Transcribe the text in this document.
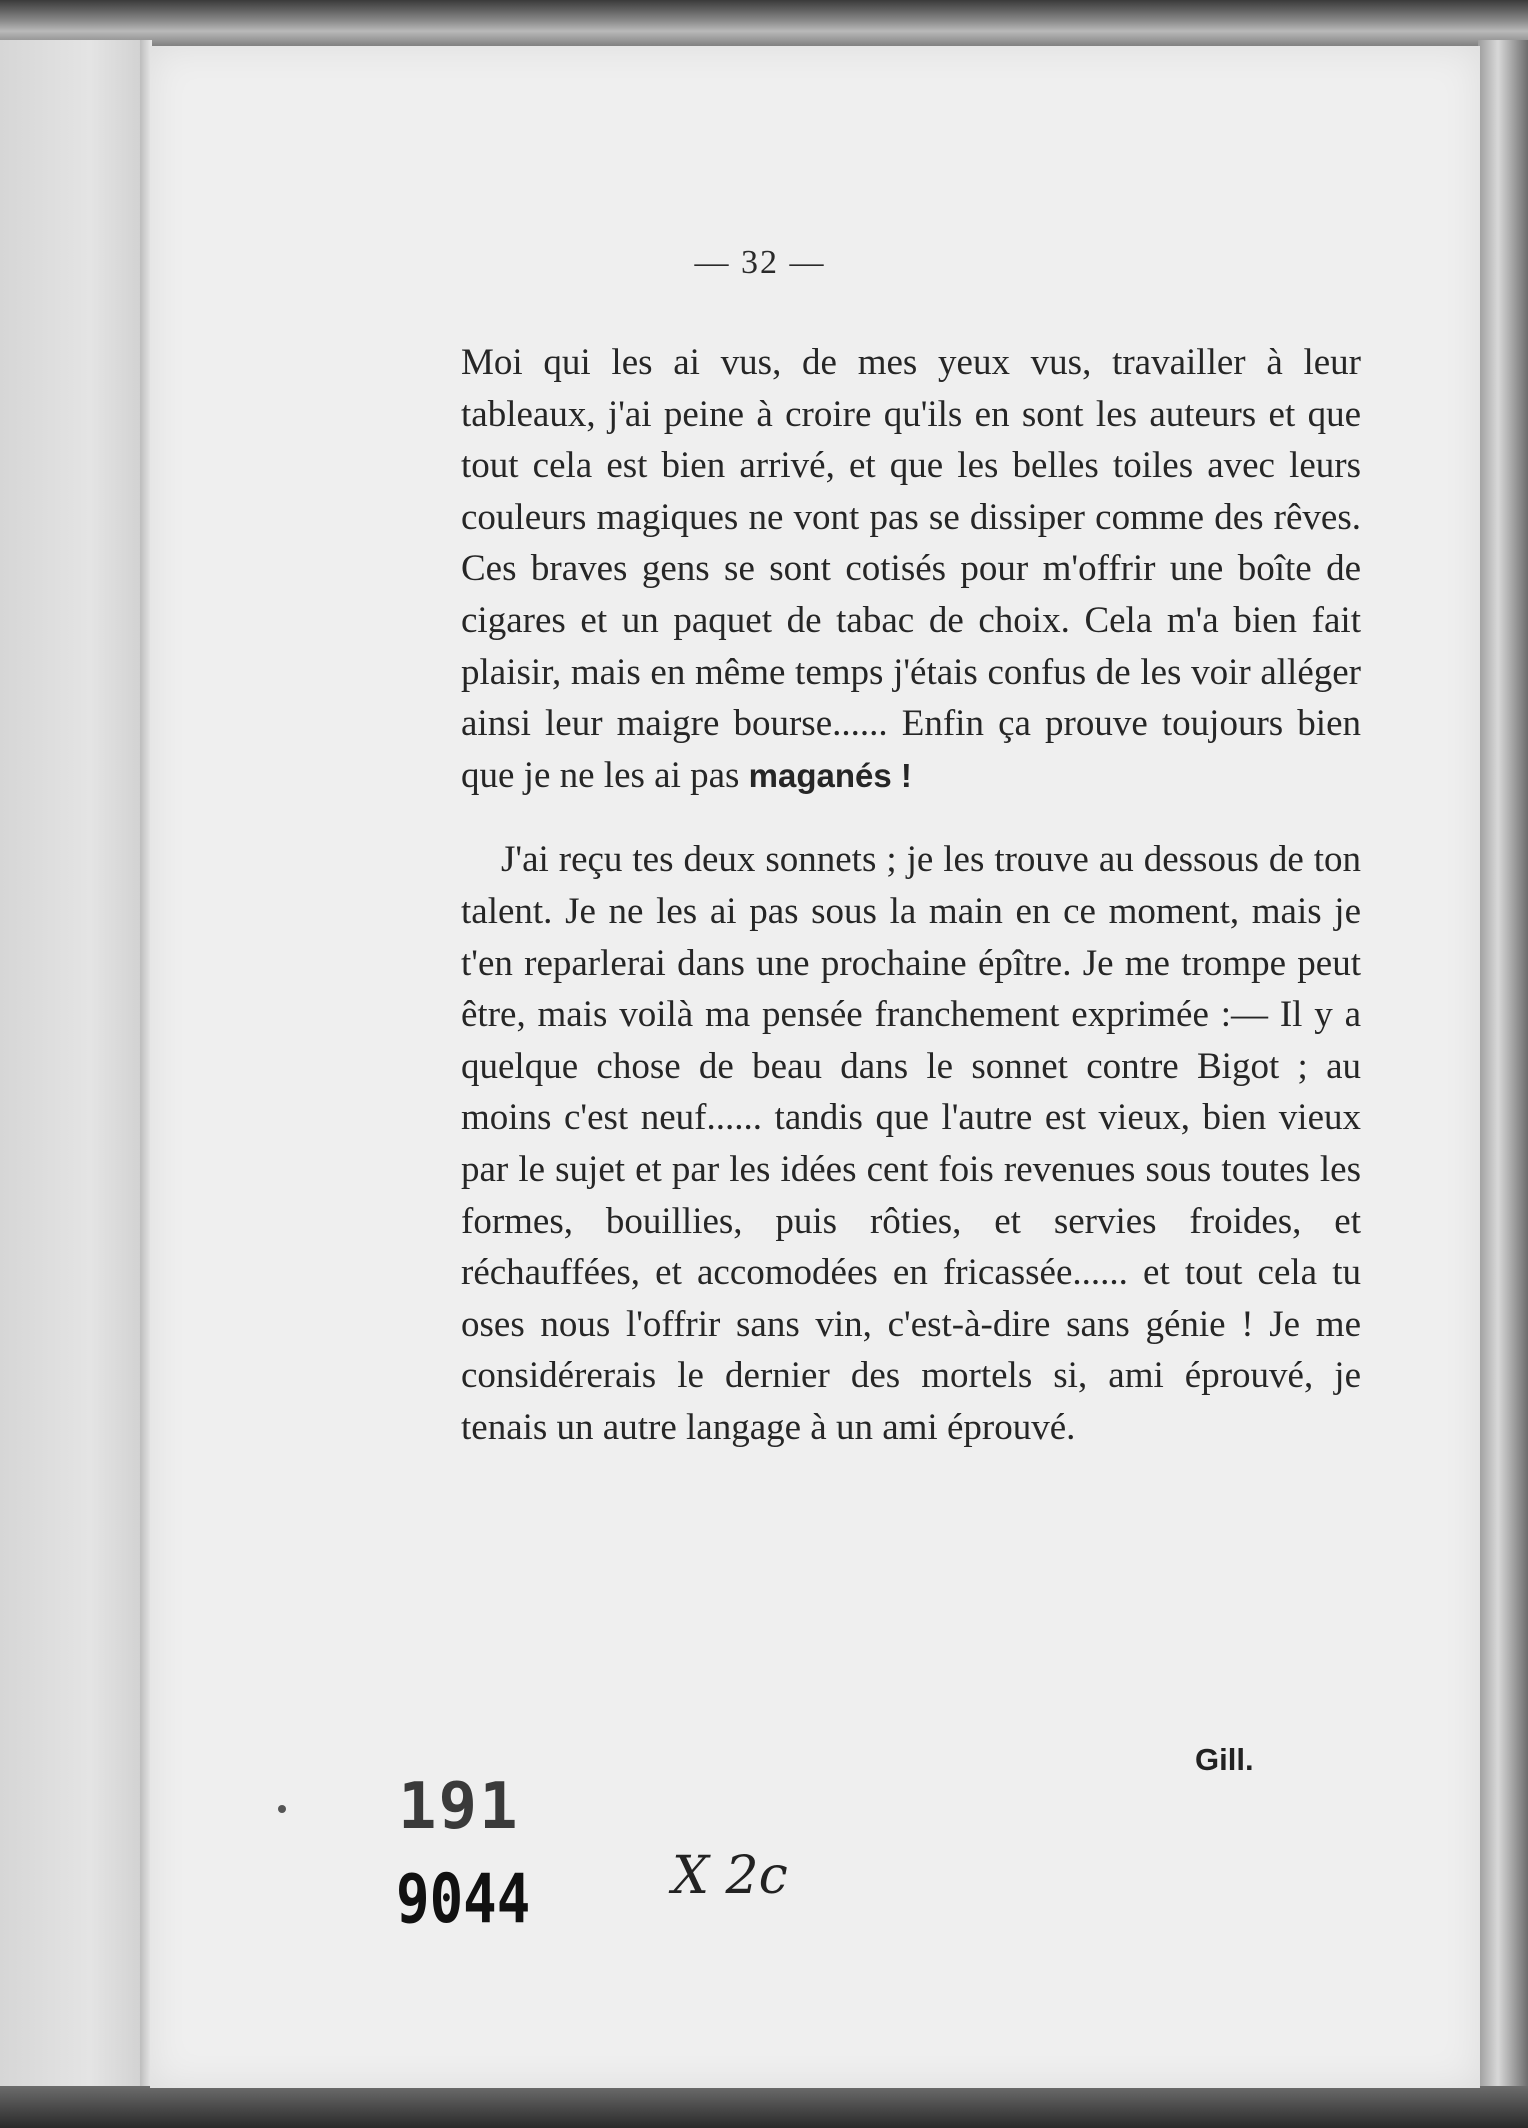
— 32 —

Moi qui les ai vus, de mes yeux vus, travailler à leur tableaux, j'ai peine à croire qu'ils en sont les auteurs et que tout cela est bien arrivé, et que les belles toiles avec leurs couleurs magiques ne vont pas se dissiper comme des rêves. Ces braves gens se sont cotisés pour m'offrir une boîte de cigares et un paquet de tabac de choix. Cela m'a bien fait plaisir, mais en même temps j'étais confus de les voir alléger ainsi leur maigre bourse...... Enfin ça prouve toujours bien que je ne les ai pas maganés !

J'ai reçu tes deux sonnets ; je les trouve au dessous de ton talent. Je ne les ai pas sous la main en ce moment, mais je t'en reparlerai dans une prochaine épître. Je me trompe peut être, mais voilà ma pensée franchement exprimée :— Il y a quelque chose de beau dans le sonnet contre Bigot ; au moins c'est neuf...... tandis que l'autre est vieux, bien vieux par le sujet et par les idées cent fois revenues sous toutes les formes, bouillies, puis rôties, et servies froides, et réchauffées, et accomodées en fricassée...... et tout cela tu oses nous l'offrir sans vin, c'est-à-dire sans génie ! Je me considérerais le dernier des mortels si, ami éprouvé, je tenais un autre langage à un ami éprouvé.

Gill.
191
9044	X 2c
